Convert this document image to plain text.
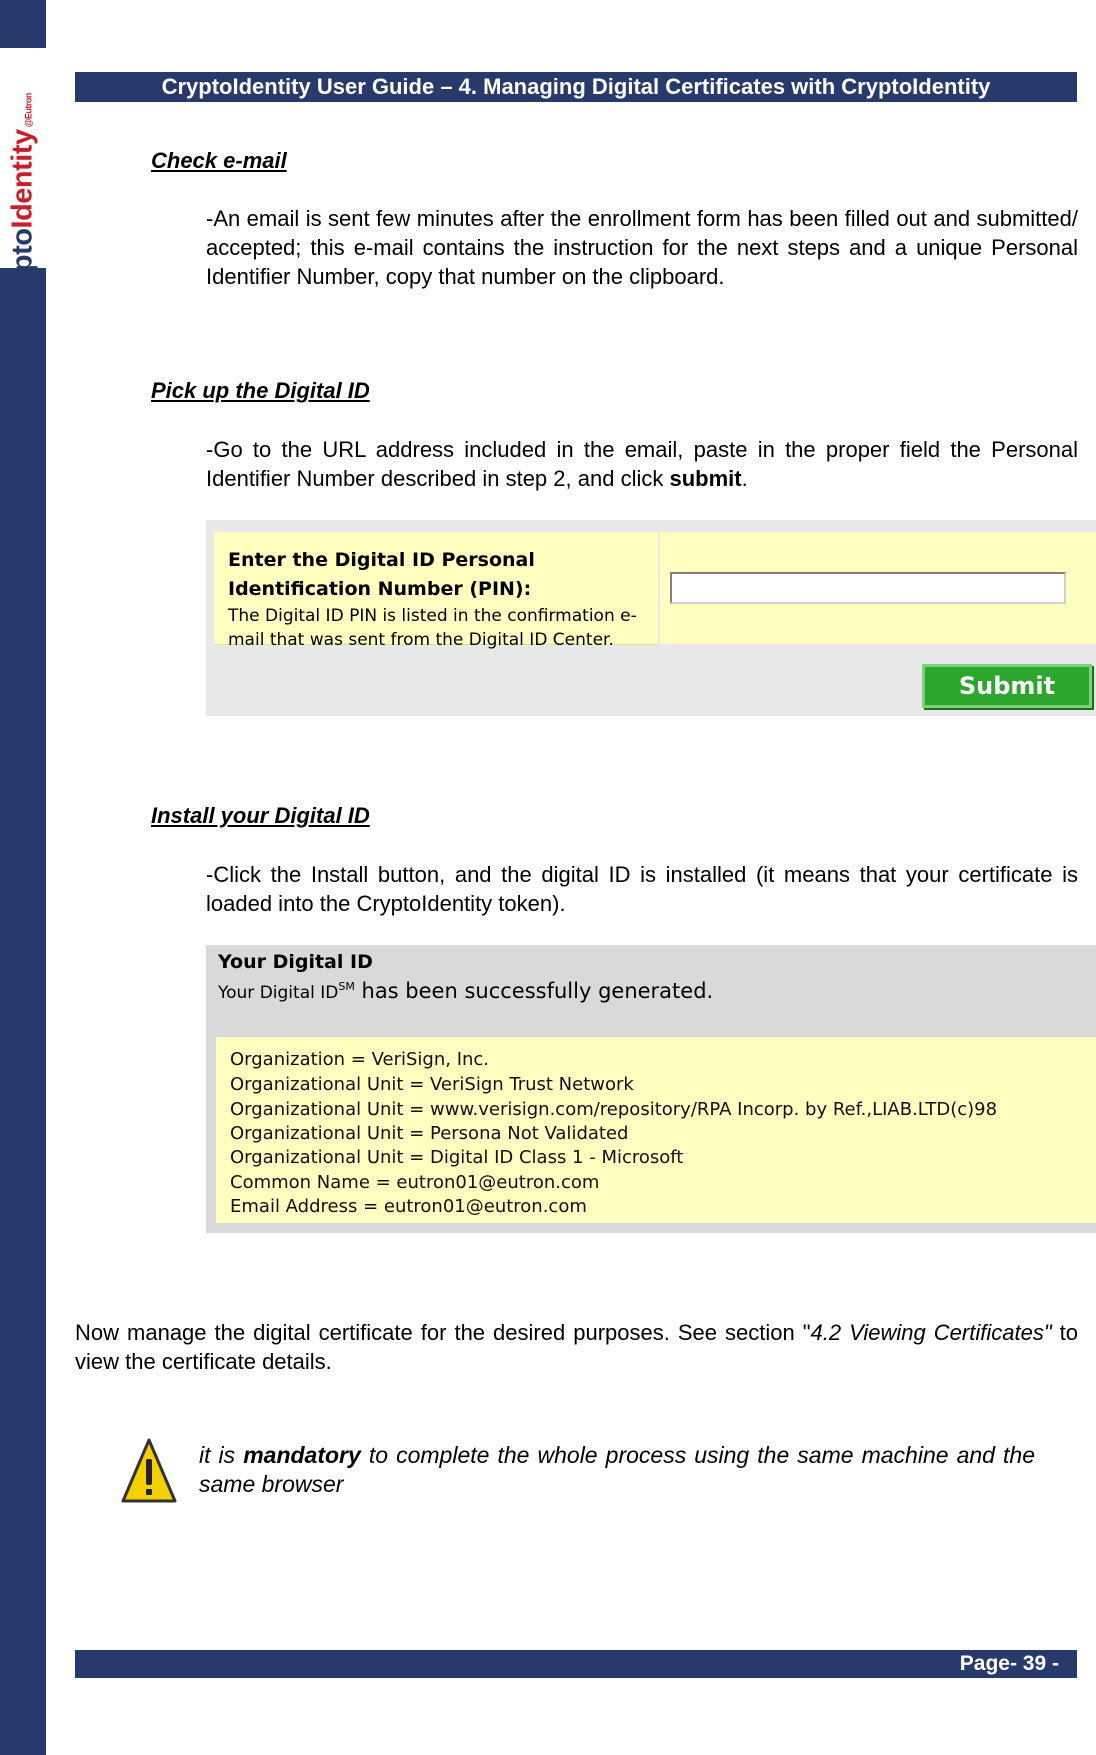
CryptoIdentity@Eutron
CryptoIdentity User Guide – 4. Managing Digital Certificates with CryptoIdentity
Check e-mail
-An email is sent few minutes after the enrollment form has been filled out and submitted/ accepted; this e-mail contains the instruction for the next steps and a unique Personal Identifier Number, copy that number on the clipboard.
Pick up the Digital ID
-Go to the URL address included in the email, paste in the proper field the Personal Identifier Number described in step 2, and click submit.
Enter the Digital ID Personal
Identification Number (PIN):
The Digital ID PIN is listed in the confirmation e-mail that was sent from the Digital ID Center.
Submit
Install your Digital ID
-Click the Install button, and the digital ID is installed (it means that your certificate is loaded into the CryptoIdentity token).
Your Digital ID
Your Digital ID℠ has been successfully generated.
Organization = VeriSign, Inc.
Organizational Unit = VeriSign Trust Network
Organizational Unit = www.verisign.com/repository/RPA Incorp. by Ref.,LIAB.LTD(c)98
Organizational Unit = Persona Not Validated
Organizational Unit = Digital ID Class 1 - Microsoft
Common Name = eutron01@eutron.com
Email Address = eutron01@eutron.com
Now manage the digital certificate for the desired purposes. See section "4.2 Viewing Certificates" to view the certificate details.
it is mandatory to complete the whole process using the same machine and the same browser
Page- 39 -
